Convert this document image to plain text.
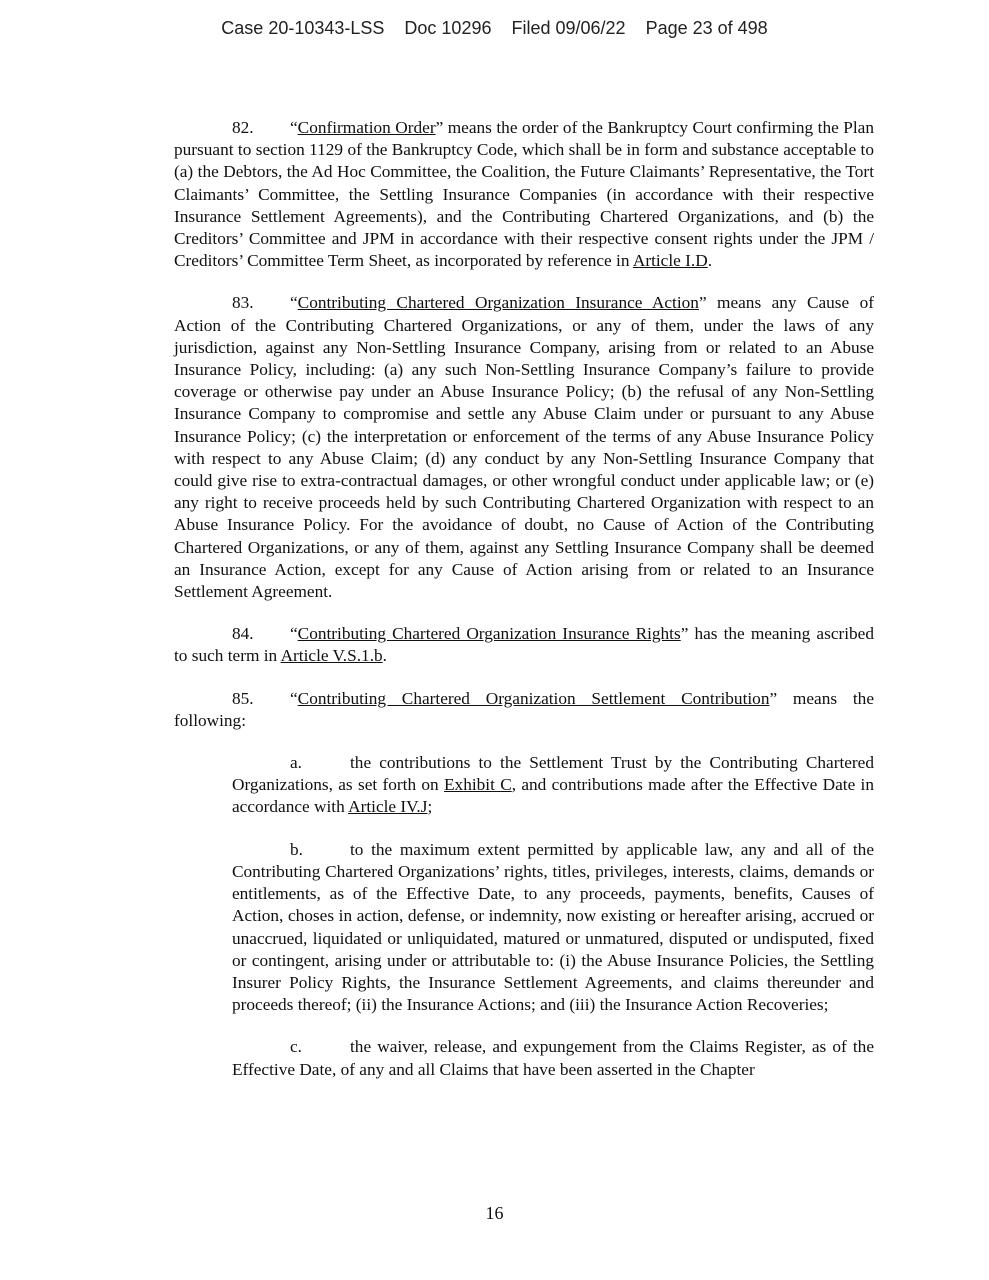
Case 20-10343-LSS Doc 10296 Filed 09/06/22 Page 23 of 498

82. “Confirmation Order” means the order of the Bankruptcy Court confirming the Plan pursuant to section 1129 of the Bankruptcy Code, which shall be in form and substance acceptable to (a) the Debtors, the Ad Hoc Committee, the Coalition, the Future Claimants’ Representative, the Tort Claimants’ Committee, the Settling Insurance Companies (in accordance with their respective Insurance Settlement Agreements), and the Contributing Chartered Organizations, and (b) the Creditors’ Committee and JPM in accordance with their respective consent rights under the JPM / Creditors’ Committee Term Sheet, as incorporated by reference in Article I.D.

83. “Contributing Chartered Organization Insurance Action” means any Cause of Action of the Contributing Chartered Organizations, or any of them, under the laws of any jurisdiction, against any Non-Settling Insurance Company, arising from or related to an Abuse Insurance Policy, including: (a) any such Non-Settling Insurance Company’s failure to provide coverage or otherwise pay under an Abuse Insurance Policy; (b) the refusal of any Non-Settling Insurance Company to compromise and settle any Abuse Claim under or pursuant to any Abuse Insurance Policy; (c) the interpretation or enforcement of the terms of any Abuse Insurance Policy with respect to any Abuse Claim; (d) any conduct by any Non-Settling Insurance Company that could give rise to extra-contractual damages, or other wrongful conduct under applicable law; or (e) any right to receive proceeds held by such Contributing Chartered Organization with respect to an Abuse Insurance Policy. For the avoidance of doubt, no Cause of Action of the Contributing Chartered Organizations, or any of them, against any Settling Insurance Company shall be deemed an Insurance Action, except for any Cause of Action arising from or related to an Insurance Settlement Agreement.

84. “Contributing Chartered Organization Insurance Rights” has the meaning ascribed to such term in Article V.S.1.b.

85. “Contributing Chartered Organization Settlement Contribution” means the following:

a.	the contributions to the Settlement Trust by the Contributing Chartered Organizations, as set forth on Exhibit C, and contributions made after the Effective Date in accordance with Article IV.J;

b.	to the maximum extent permitted by applicable law, any and all of the Contributing Chartered Organizations’ rights, titles, privileges, interests, claims, demands or entitlements, as of the Effective Date, to any proceeds, payments, benefits, Causes of Action, choses in action, defense, or indemnity, now existing or hereafter arising, accrued or unaccrued, liquidated or unliquidated, matured or unmatured, disputed or undisputed, fixed or contingent, arising under or attributable to: (i) the Abuse Insurance Policies, the Settling Insurer Policy Rights, the Insurance Settlement Agreements, and claims thereunder and proceeds thereof; (ii) the Insurance Actions; and (iii) the Insurance Action Recoveries;

c.	the waiver, release, and expungement from the Claims Register, as of the Effective Date, of any and all Claims that have been asserted in the Chapter

16
